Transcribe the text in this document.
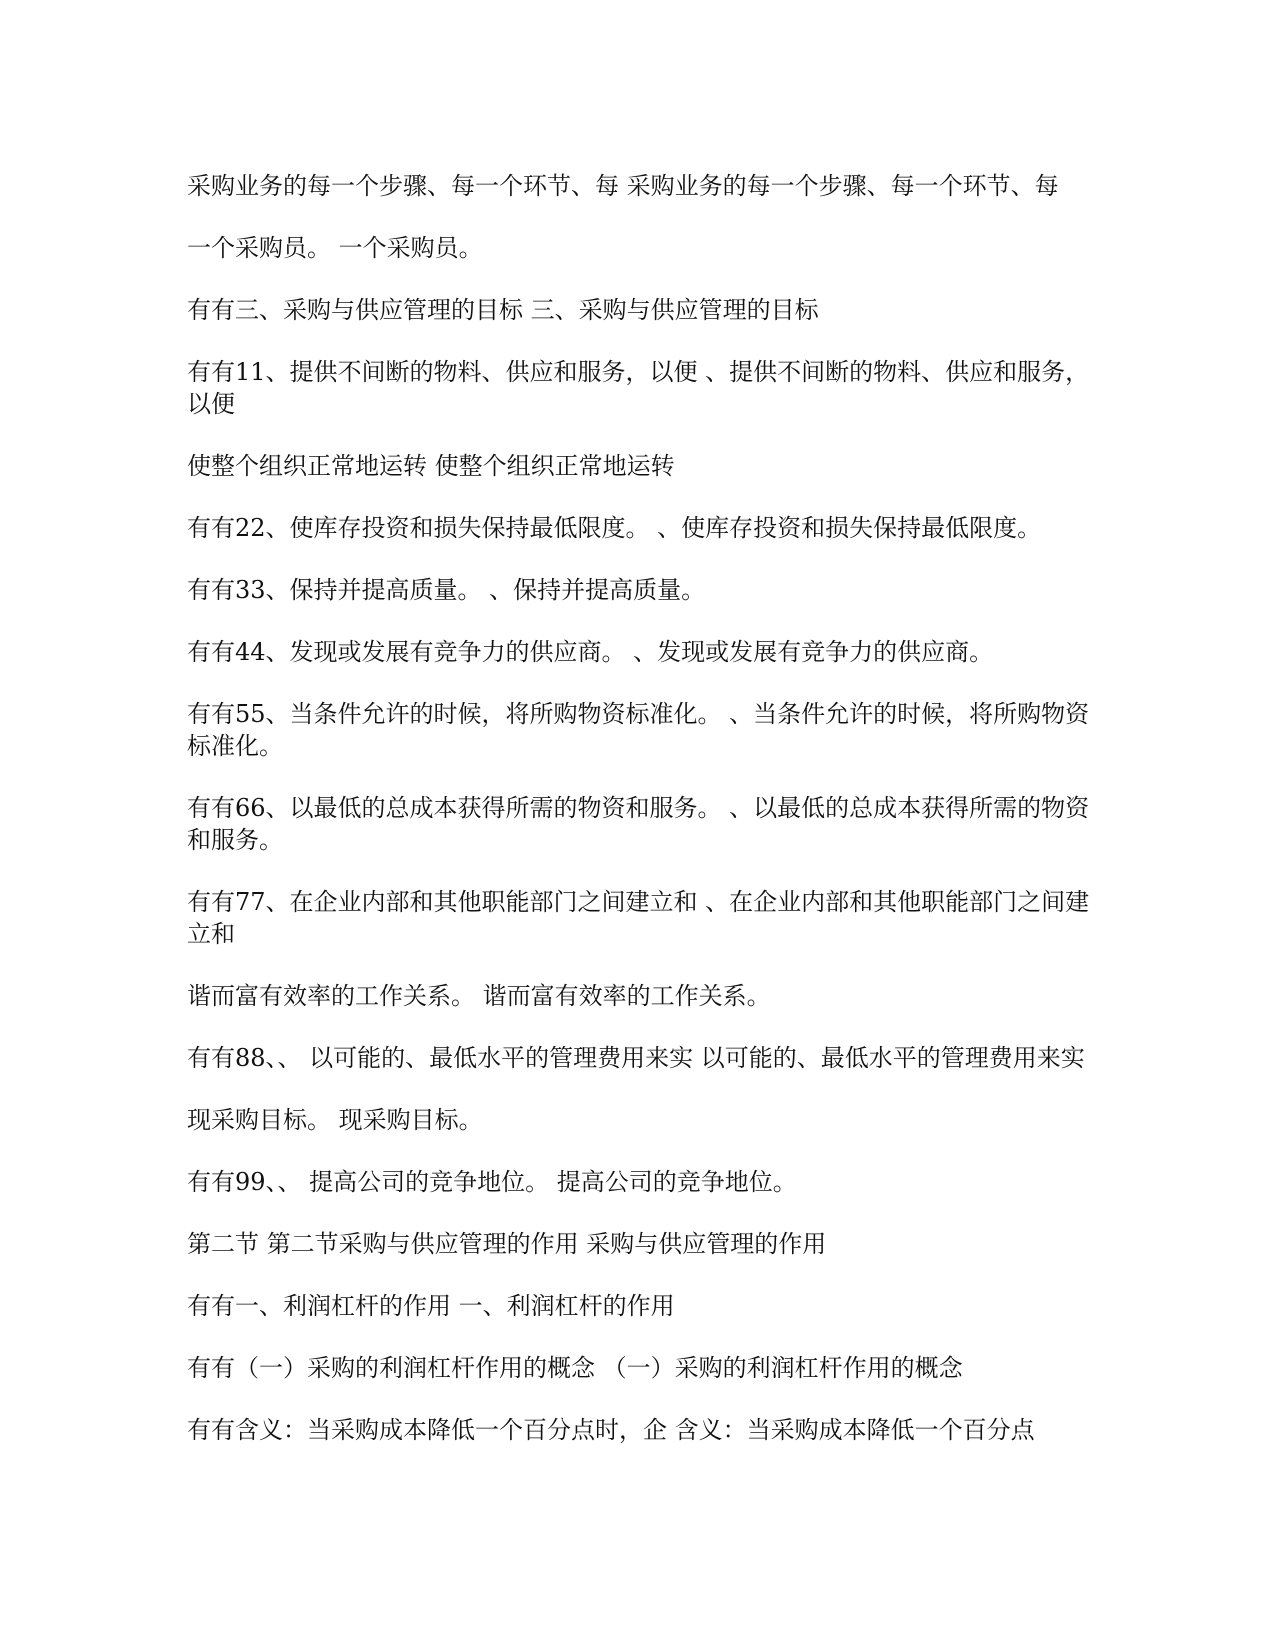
采购业务的每一个步骤、每一个环节、每 采购业务的每一个步骤、每一个环节、每

一个采购员。 一个采购员。

有有三、采购与供应管理的目标 三、采购与供应管理的目标

有有11、提供不间断的物料、供应和服务，以便 、提供不间断的物料、供应和服务，以便

使整个组织正常地运转 使整个组织正常地运转

有有22、使库存投资和损失保持最低限度。 、使库存投资和损失保持最低限度。

有有33、保持并提高质量。 、保持并提高质量。

有有44、发现或发展有竞争力的供应商。 、发现或发展有竞争力的供应商。

有有55、当条件允许的时候，将所购物资标准化。 、当条件允许的时候，将所购物资标准化。

有有66、以最低的总成本获得所需的物资和服务。 、以最低的总成本获得所需的物资和服务。

有有77、在企业内部和其他职能部门之间建立和 、在企业内部和其他职能部门之间建立和

谐而富有效率的工作关系。 谐而富有效率的工作关系。

有有88、、 以可能的、最低水平的管理费用来实 以可能的、最低水平的管理费用来实

现采购目标。 现采购目标。

有有99、、 提高公司的竞争地位。 提高公司的竞争地位。

第二节 第二节采购与供应管理的作用 采购与供应管理的作用

有有一、利润杠杆的作用 一、利润杠杆的作用

有有（一）采购的利润杠杆作用的概念 （一）采购的利润杠杆作用的概念

有有含义：当采购成本降低一个百分点时，企 含义：当采购成本降低一个百分点
